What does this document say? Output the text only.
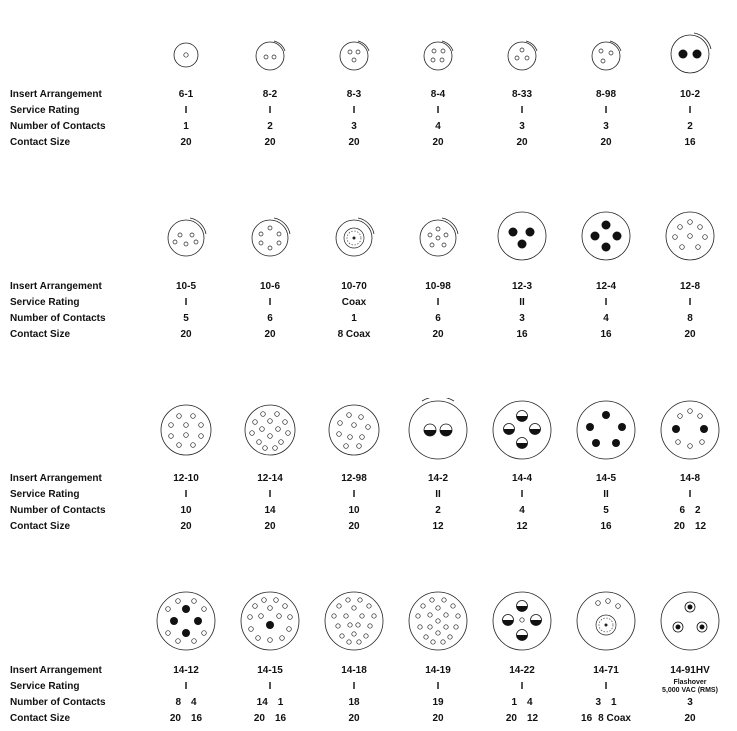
Insert Arrangement
Service Rating
Number of Contacts
Contact Size
6-1
I
1
20
8-2
I
2
20
8-3
I
3
20
8-4
I
4
20
8-33
I
3
20
8-98
I
3
20
10-2
I
2
16
Insert Arrangement
Service Rating
Number of Contacts
Contact Size
10-5
I
5
20
10-6
I
6
20
10-70
Coax
1
8 Coax
10-98
I
6
20
12-3
II
3
16
12-4
I
4
16
12-8
I
8
20
Insert Arrangement
Service Rating
Number of Contacts
Contact Size
12-10
I
10
20
12-14
I
14
20
12-98
I
10
20
14-2
II
2
12
14-4
I
4
12
14-5
II
5
16
14-8
I
6 2
20 12
Insert Arrangement
Service Rating
Number of Contacts
Contact Size
14-12
I
8 4
20 16
14-15
I
14 1
20 16
14-18
I
18
20
14-19
I
19
20
14-22
I
1 4
20 12
14-71
I
3 1
16 8 Coax
14-91HV
Flashover
5,000 VAC (RMS)
3
20
